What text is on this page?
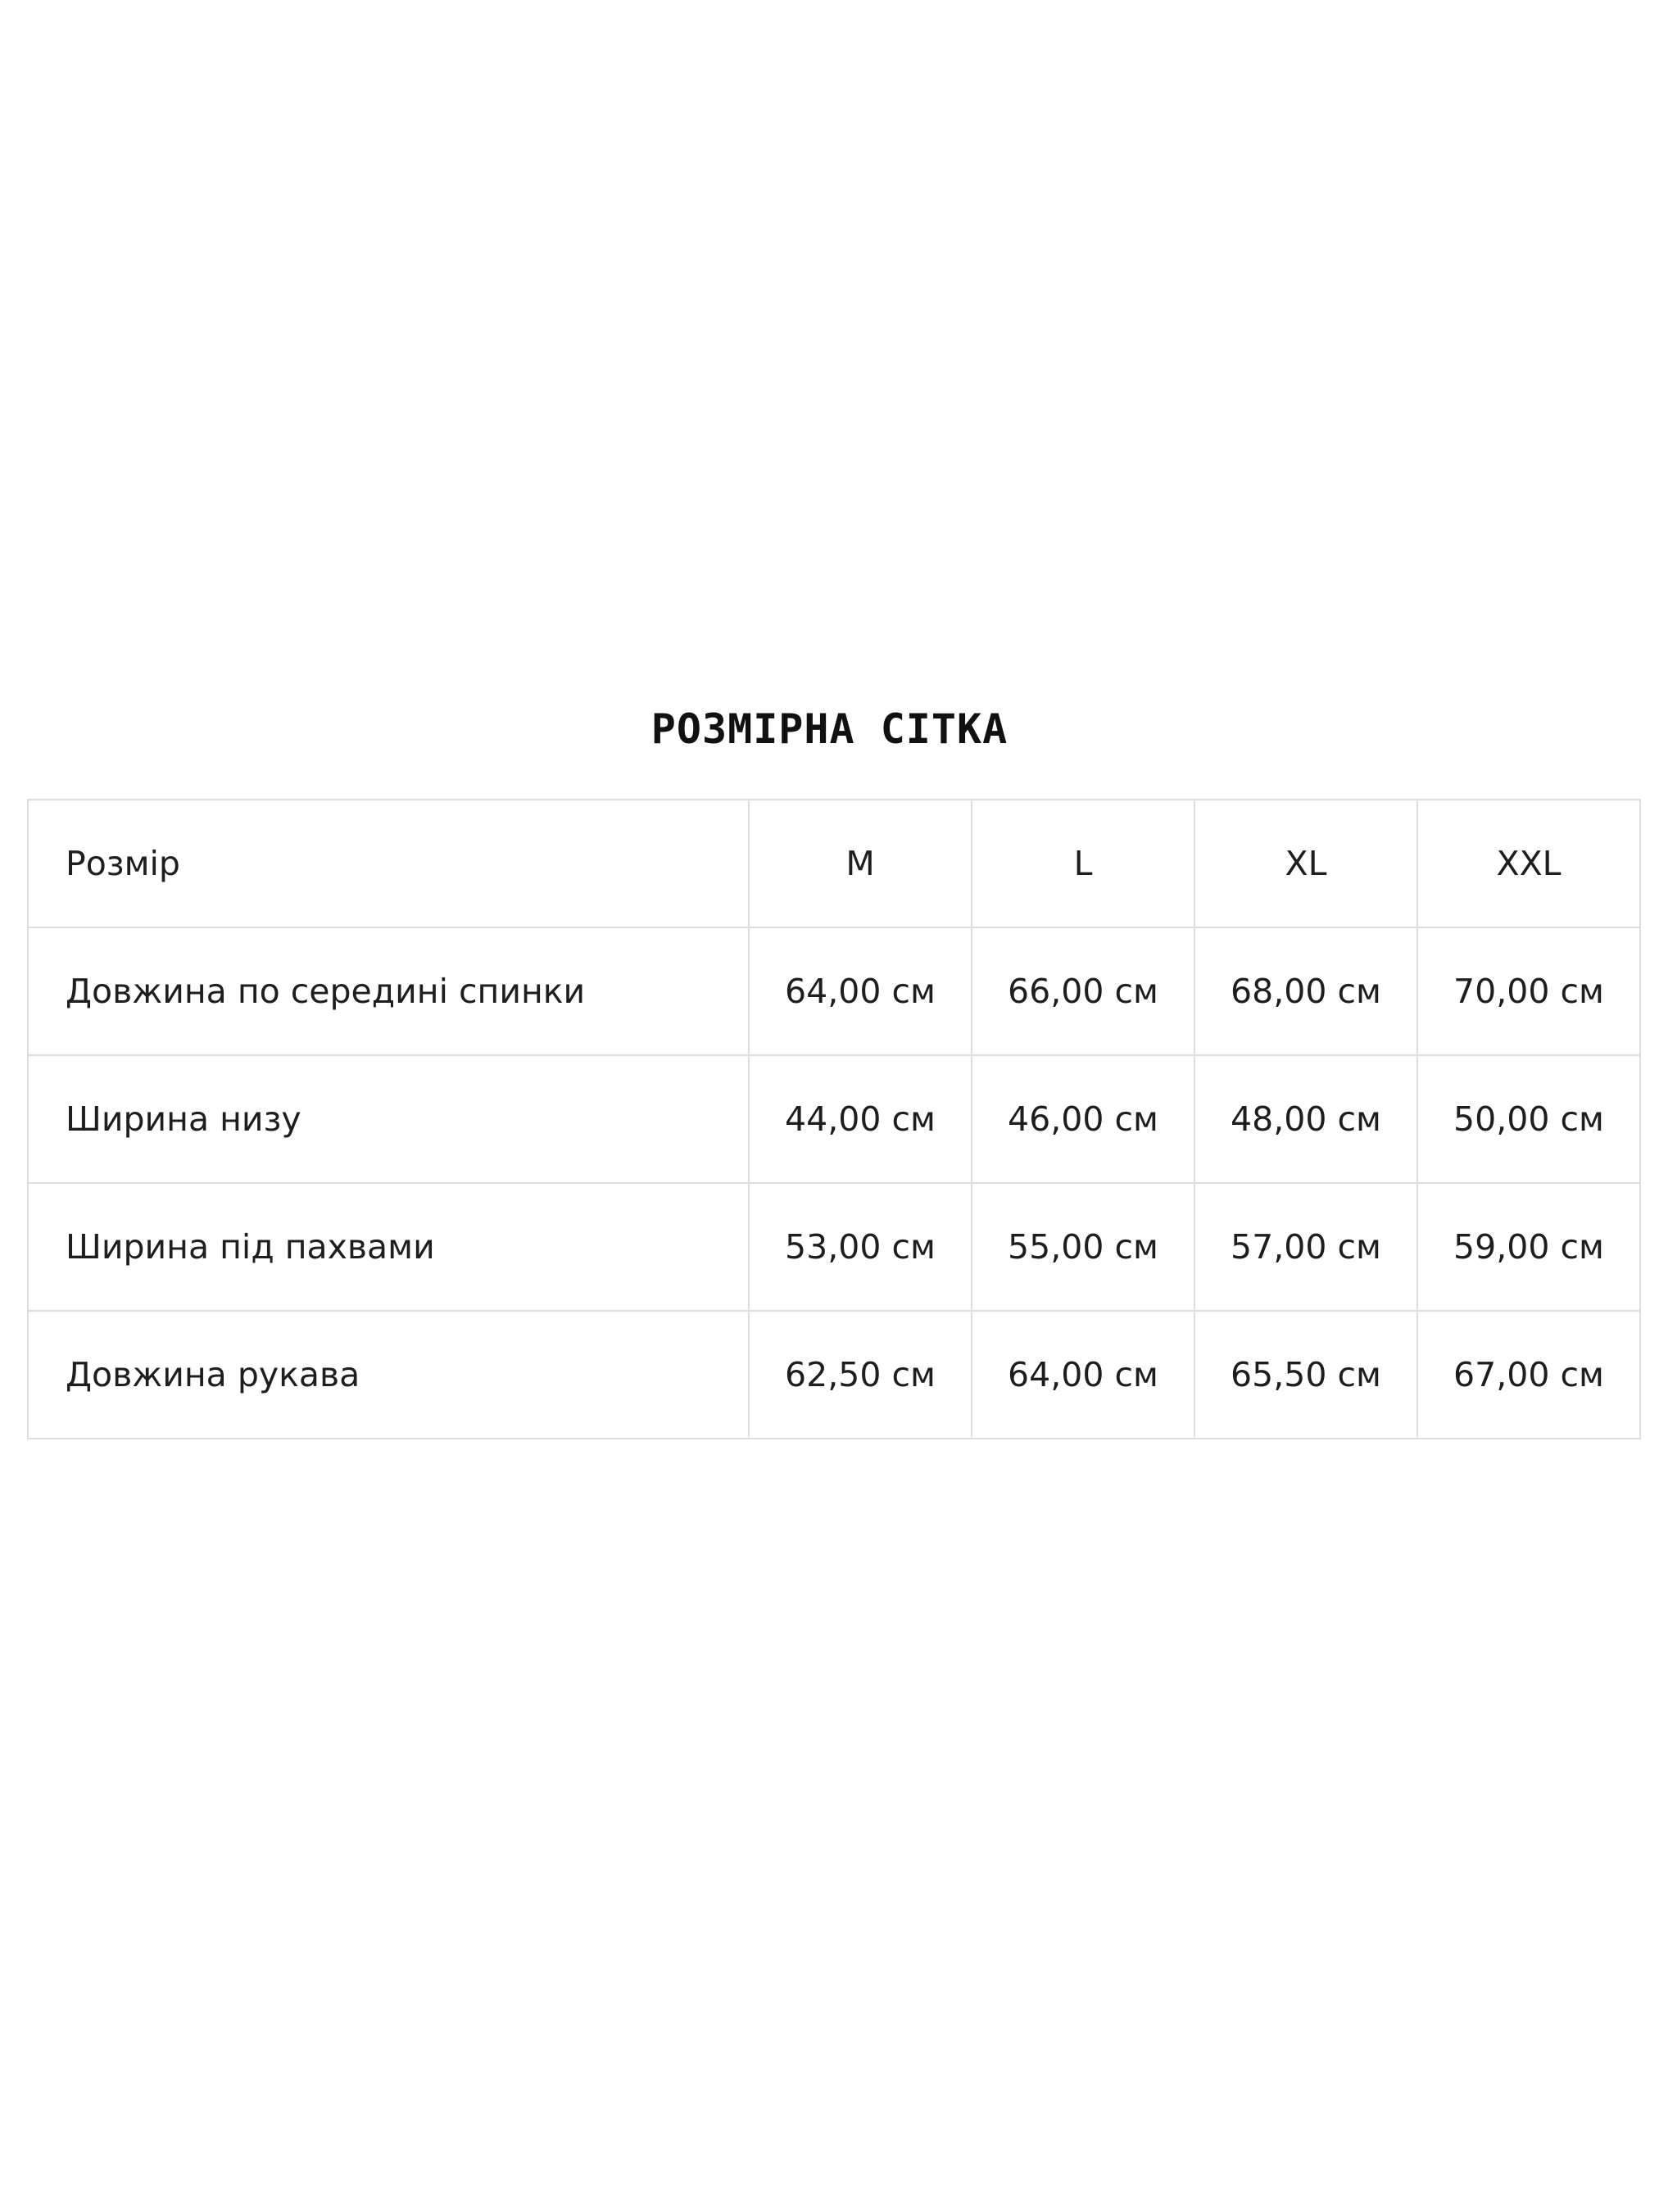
РОЗМІРНА СІТКА
Розмір	M	L	XL	XXL
Довжина по середині спинки	64,00 см	66,00 см	68,00 см	70,00 см
Ширина низу	44,00 см	46,00 см	48,00 см	50,00 см
Ширина під пахвами	53,00 см	55,00 см	57,00 см	59,00 см
Довжина рукава	62,50 см	64,00 см	65,50 см	67,00 см
